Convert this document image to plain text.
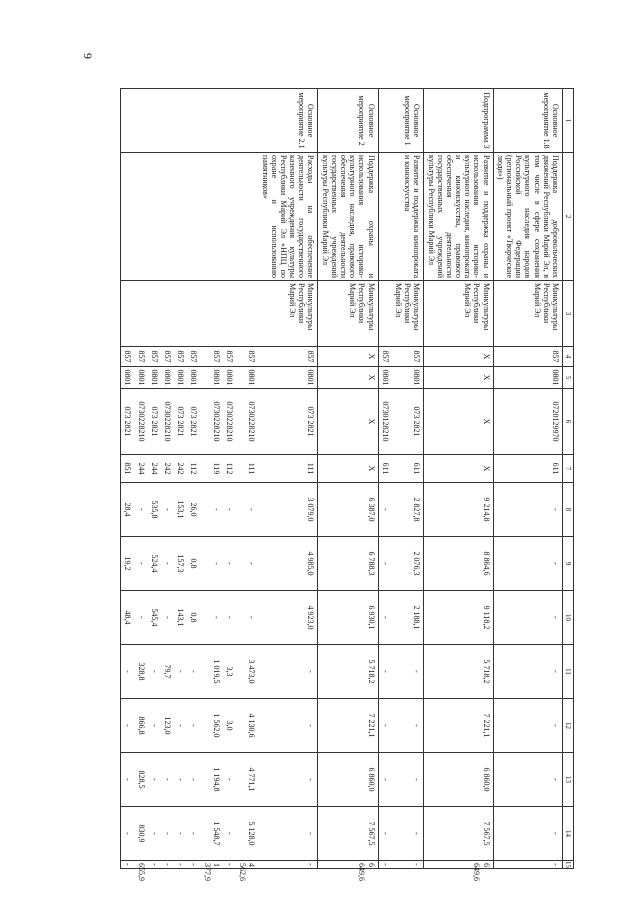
9
1	2	3	4	5	6	7	8	9	10	11	12	13	14	15
Основное мероприятие 1.8	Поддержка добровольческих движений Республики Марий Эл, в том числе в сфере сохранения культурного наследия народов Российской Федерации (региональный проект «Творческие люди»)	Минкультуры Республики Марий Эл	857	0801	0720129970	611	-	-	-	-	-	-	-	-
Подпрограмма 3	Развитие и поддержка охраны и использования историко-культурного наследия, кинопроката и киноискусства, правового обеспечения деятельности государственных учреждений культуры Республики Марий Эл	Минкультуры Республики Марий Эл	Х	Х	Х	Х	9 214,8	8 864,6	9 118,2	5 718,2	7 221,1	6 860,0	7 567,5	6 649,6
Основное мероприятие 1	Развитие и поддержка кинопроката и киноискусства	Минкультуры Республики Марий Эл	857	0801	073 2821	611	2 827,8	2 076,3	2 188,1	-	-	-	-	-
			857	0801	0730128210	611	-	-	-	-	-	-	-	-
Основное мероприятие 2	Поддержка охраны и использования историко-культурного наследия, правового обеспечения деятельности государственных учреждений культуры Республики Марий Эл	Минкультуры Республики Марий Эл	Х	Х	Х	Х	6 387,0	6 788,3	6 930,1	5 718,2	7 221,1	6 860,0	7 567,5	6 649,6
Основное мероприятие 2.1	Расходы на обеспечение деятельности государственного казенного учреждения культуры Республики Марий Эл «НПЦ по охране и использованию памятников»	Минкультуры Республики Марий Эл	857	0801	073 2821	111	3 079,0	4 985,0	4 923,0	-	-	-	-	-
			857	0801	0730228210	111	-	-	-	3 473,0	4 130,6	4 771,1	5 128,0	4 562,6
			857	0801	0730228210	112	-	-	-	3,3	3,0	-	-	-
			857	0801	0730228210	119	-	-	-	1 019,5	1 562,0	1 194,8	1 548,7	1 377,9
			857	0801	073 2821	112	26,0	0,8	0,8	-	-	-	-	-
			857	0801	073 2821	242	153,1	157,3	143,1	-	-	-	-	-
			857	0801	0730228210	242	-	-	-	79,7	123,0	-	-	-
			857	0801	073 2821	244	535,8	524,4	545,4	-	-	-	-	-
			857	0801	0730228210	244	-	-	-	328,8	866,8	828,5	830,9	655,9
			857	0801	073 2821	851	28,4	19,2	48,4	-	-	-	-	-
